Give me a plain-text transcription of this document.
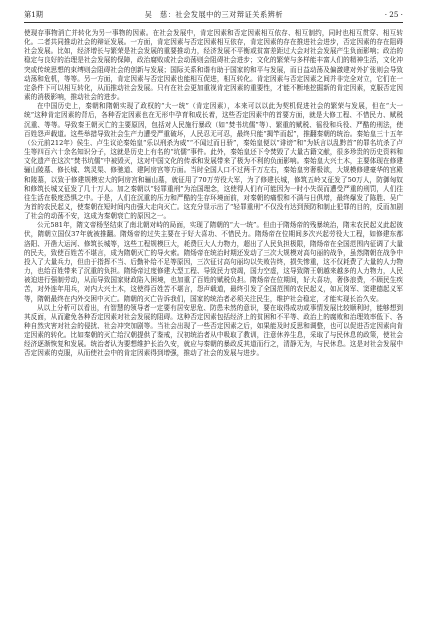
第1期	吴　慈：社会发展中的三对辩证关系辨析	· 25 ·

使现存事物消亡并转化为另一事物的因素。在社会发展中，肯定因素和否定因素相互依存、相互制约，同时也相互贯穿、相互转化。二者共同推动社会的辩证发展。一方面，肯定因素与否定因素相互依存，肯定因素的存在推进社会进步，否定因素的存在阻碍社会发展。比如，经济增长与繁荣是社会发展的重要推动力，经济发展不平衡或贫富差距过大会对社会发展产生负面影响；政治的稳定与良好的治理是社会发展的保障，政治腐败或社会动荡则会阻碍社会进步；文化的繁荣与多样能丰富人们的精神生活，文化冲突或传统思想的束缚则会阻碍社会的创新与发展；国际关系和谐有助于国家的和平与发展，而日益动荡及偏激建对外扩张则会导致动荡和危机，等等。另一方面，肯定因素与否定因素也能相互促进，相互转化。肯定因素与否定因素之间并非完全对立，它们在一定条件下可以相互转化，从而推动社会发展。只有在社会更加重视肯定因素的重要性，才能不断地挖掘新的肯定因素，克服否定因素的消极影响，推动社会的进步。

在中国历史上，秦朝和隋朝实现了政权的“大一统”（肯定因素），本来可以以此为契机促进社会的繁荣与发展，但在“大一统”这种肯定因素的背后，各种否定因素也在无形中孕育和成长着，这些否定因素中的首要方面，就是大修工程、不惜民力、赋税沉重、等等。导致秦王朝灭亡的主要原因，包括对人民施行暴政（如“焚书坑儒”等）、繁重的赋税、徭役和兵役、严酷的刑法，使百姓怨声载道。这些举措导致社会生产力遭受严重破坏，人民忍无可忍，最终只能“揭竿而起”，推翻秦朝的统治。秦始皇三十五年（公元前212年）侯生、卢生议论秦始皇“乐以刑杀为威”“不闻过而日骄”，秦始皇便以“诽谤”和“为妖言以乱黔首”的罪名坑杀了卢生等四百六十余名知识分子，这就是历史上有名的“坑儒”事件。此外，秦始皇还下令焚毁了大量古籍文献，很多珍贵的历史资料和文化遗产在这次“焚书坑儒”中被毁灭，这对中国文化的传承和发展带来了极为不利的负面影响。秦始皇大兴土木，主要体现在修建骊山陵墓、修长城、筑灵渠、修驰道、建阿房宫等方面。当时全国人口不过两千万左右，秦始皇穷奢极欲，大规模修建豪华的宫殿和陵墓，以致于修建规模宏大的阿房宫和骊山墓，就征用了70万劳役大军，为了修建长城，修筑五岭又征发了50万人，防御匈奴和修筑长城又征发了几十万人。加之秦朝以“轻罪重刑”为治国理念，这使得人们有可能因为一时小失误而遭受严重的刑罚，人们往往生活在极度恐惧之中。于是，人们在沉重的压力和严酷的生存环境面前，对秦朝的痛恨和不满与日俱增，最终爆发了陈胜、吴广为首的农民起义，使秦朝在短时间内由强大走向灭亡。这充分显示出了“轻罪重刑”不仅没有达到预防和制止犯罪的目的，反而加剧了社会的动荡不安，这成为秦朝衰亡的原因之一。

公元581年，隋文帝杨坚结束了南北朝对峙的局面，实现了隋朝的“大一统”。但由于隋炀帝的残暴统治，隋末农民起义此起彼伏，隋朝立国仅37年就被推翻。隋炀帝的过失主要在于好大喜功、不惜民力。隋炀帝在位期间多次兴起劳役大工程，如修建东都洛阳、开凿大运河、修筑长城等，这些工程规模巨大，耗费巨大人力物力，超出了人民负担极限，隋炀帝在全国范围内征调了大量的民夫，致使百姓苦不堪言，成为隋朝灭亡的导火索。隋炀帝在统治时期还发动了三次大规模对高句丽的战争，虽然隋朝在战争中投入了大量兵力，但由于指挥不当、后勤补给不足等原因，三次征讨高句丽均以失败告终，损失惨重，这不仅耗费了大量的人力物力，也给百姓带来了沉重的负担。隋炀帝过度修建大型工程、导致民力衰竭，国力空虚，这导致隋王朝越来越多的人力物力，人民被迫进行强制劳动，从而导致国家财政陷入困境，也加重了百姓的赋税负担。隋炀帝在位期间，好大喜功，奢侈浪费，不顾民生疾苦，对外连年用兵，对内大兴土木，这使得百姓苦不堪言，怨声载道，最终引发了全国范围的农民起义，如瓦岗军、窦建德起义军等，隋朝最终在内外交困中灭亡。隋朝的灭亡告诉我们，国家的统治者必须关注民生，维护社会稳定，才能实现长治久安。

从以上分析可以看出，有智慧的领导者一定要有居安思危、防患未然的意识，要在取得成功或事情发展比较顺利时，能够想到其反面，从而避免各种否定因素对社会发展的阻碍。这种否定因素包括经济上的贫困和不平等、政治上的腐败和治理效率低下、各种自然灾害对社会的侵扰、社会冲突加剧等。当社会出现了一些否定因素之后，如果能及时反思和调整，也可以促进否定因素向肯定因素的转化。比如秦朝的灭亡给汉朝提供了鉴戒，汉初统治者从中吸取了教训，注意休养生息，采取了与民休息的政策，使社会经济逐渐恢复和发展。统治者认为要想维护长治久安，就应与秦朝的暴政反其道而行之，清静无为，与民休息。这是对社会发展中否定因素的克服，从而使社会中的肯定因素得到增强，推动了社会的发展与进步。
